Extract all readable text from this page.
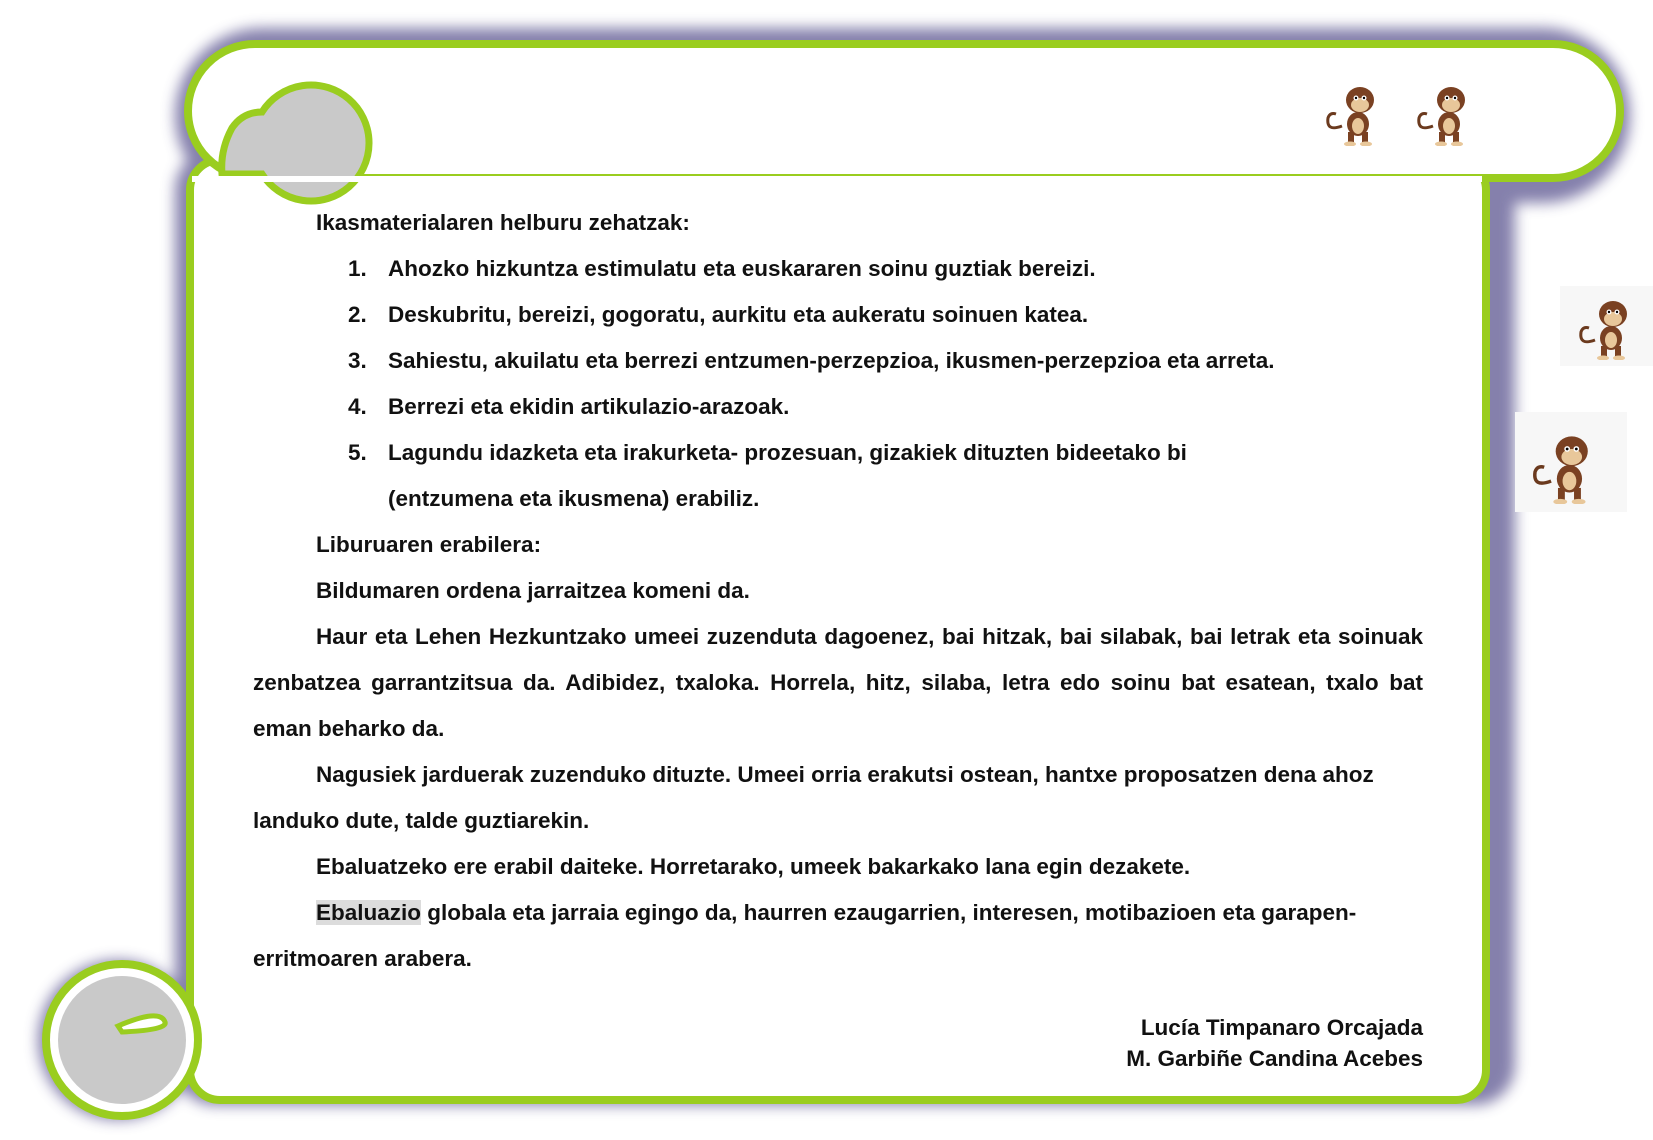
Ikasmaterialaren helburu zehatzak:

1. Ahozko hizkuntza estimulatu eta euskararen soinu guztiak bereizi.
2. Deskubritu, bereizi, gogoratu, aurkitu eta aukeratu soinuen katea.
3. Sahiestu, akuilatu eta berrezi entzumen-perzepzioa, ikusmen-perzepzioa eta arreta.
4. Berrezi eta ekidin artikulazio-arazoak.
5. Lagundu idazketa eta irakurketa- prozesuan, gizakiek dituzten bideetako bi (entzumena eta ikusmena) erabiliz.

Liburuaren erabilera:

Bildumaren ordena jarraitzea komeni da.

Haur eta Lehen Hezkuntzako umeei zuzenduta dagoenez, bai hitzak, bai silabak, bai letrak eta soinuak zenbatzea garrantzitsua da. Adibidez, txaloka. Horrela, hitz, silaba, letra edo soinu bat esatean, txalo bat eman beharko da.

Nagusiek jarduerak zuzenduko dituzte. Umeei orria erakutsi ostean, hantxe proposatzen dena ahoz landuko dute, talde guztiarekin.

Ebaluatzeko ere erabil daiteke. Horretarako, umeek bakarkako lana egin dezakete.

Ebaluazio globala eta jarraia egingo da, haurren ezaugarrien, interesen, motibazioen eta garapen-erritmoaren arabera.

Lucía Timpanaro Orcajada
M. Garbiñe Candina Acebes
